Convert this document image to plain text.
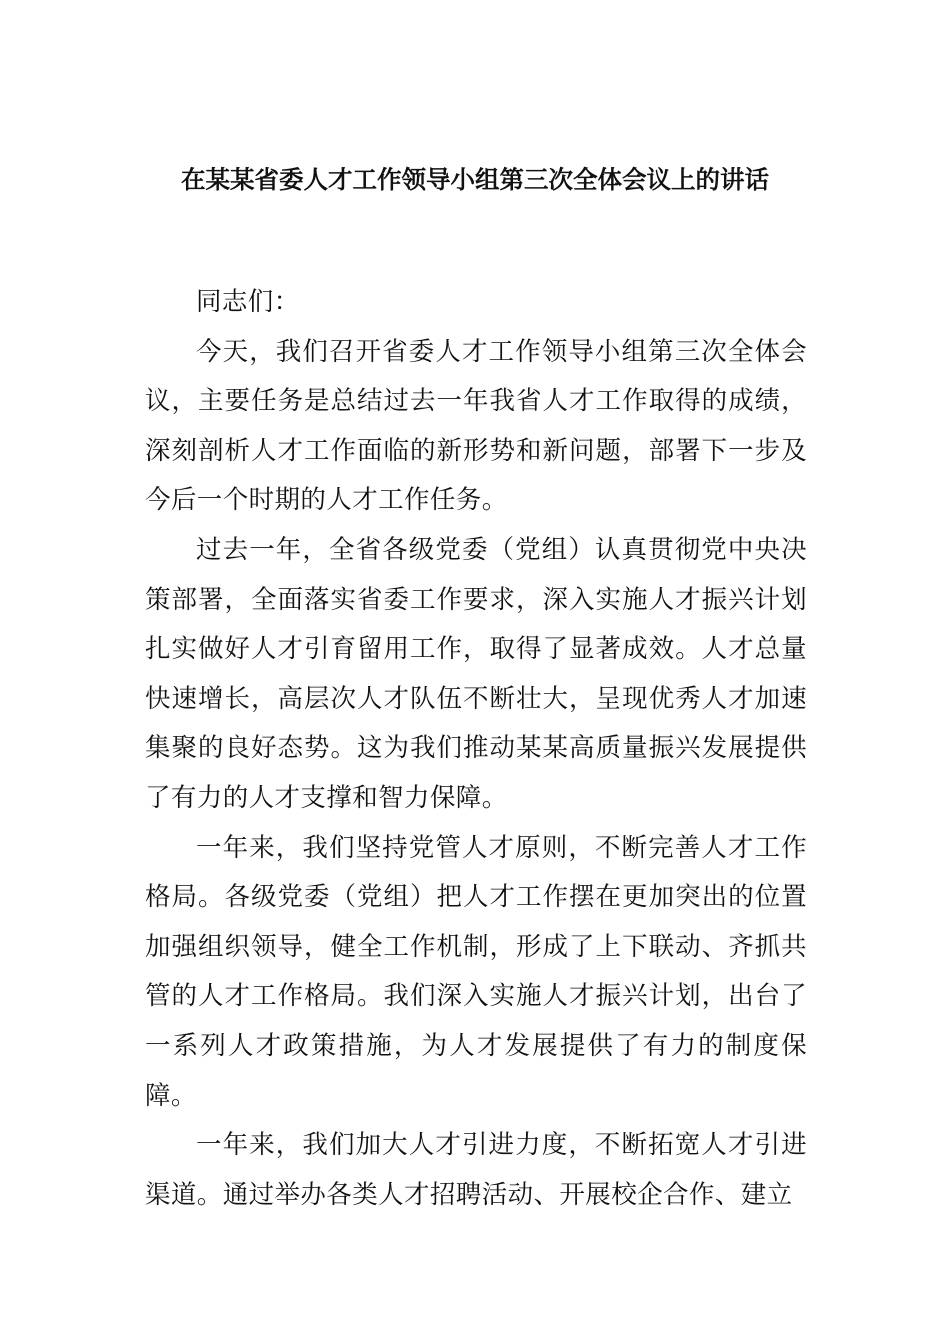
在某某省委人才工作领导小组第三次全体会议上的讲话

同志们：

今天，我们召开省委人才工作领导小组第三次全体会议，主要任务是总结过去一年我省人才工作取得的成绩，深刻剖析人才工作面临的新形势和新问题，部署下一步及今后一个时期的人才工作任务。

过去一年，全省各级党委（党组）认真贯彻党中央决策部署，全面落实省委工作要求，深入实施人才振兴计划扎实做好人才引育留用工作，取得了显著成效。人才总量快速增长，高层次人才队伍不断壮大，呈现优秀人才加速集聚的良好态势。这为我们推动某某高质量振兴发展提供了有力的人才支撑和智力保障。

一年来，我们坚持党管人才原则，不断完善人才工作格局。各级党委（党组）把人才工作摆在更加突出的位置加强组织领导，健全工作机制，形成了上下联动、齐抓共管的人才工作格局。我们深入实施人才振兴计划，出台了一系列人才政策措施，为人才发展提供了有力的制度保障。

一年来，我们加大人才引进力度，不断拓宽人才引进渠道。通过举办各类人才招聘活动、开展校企合作、建立
